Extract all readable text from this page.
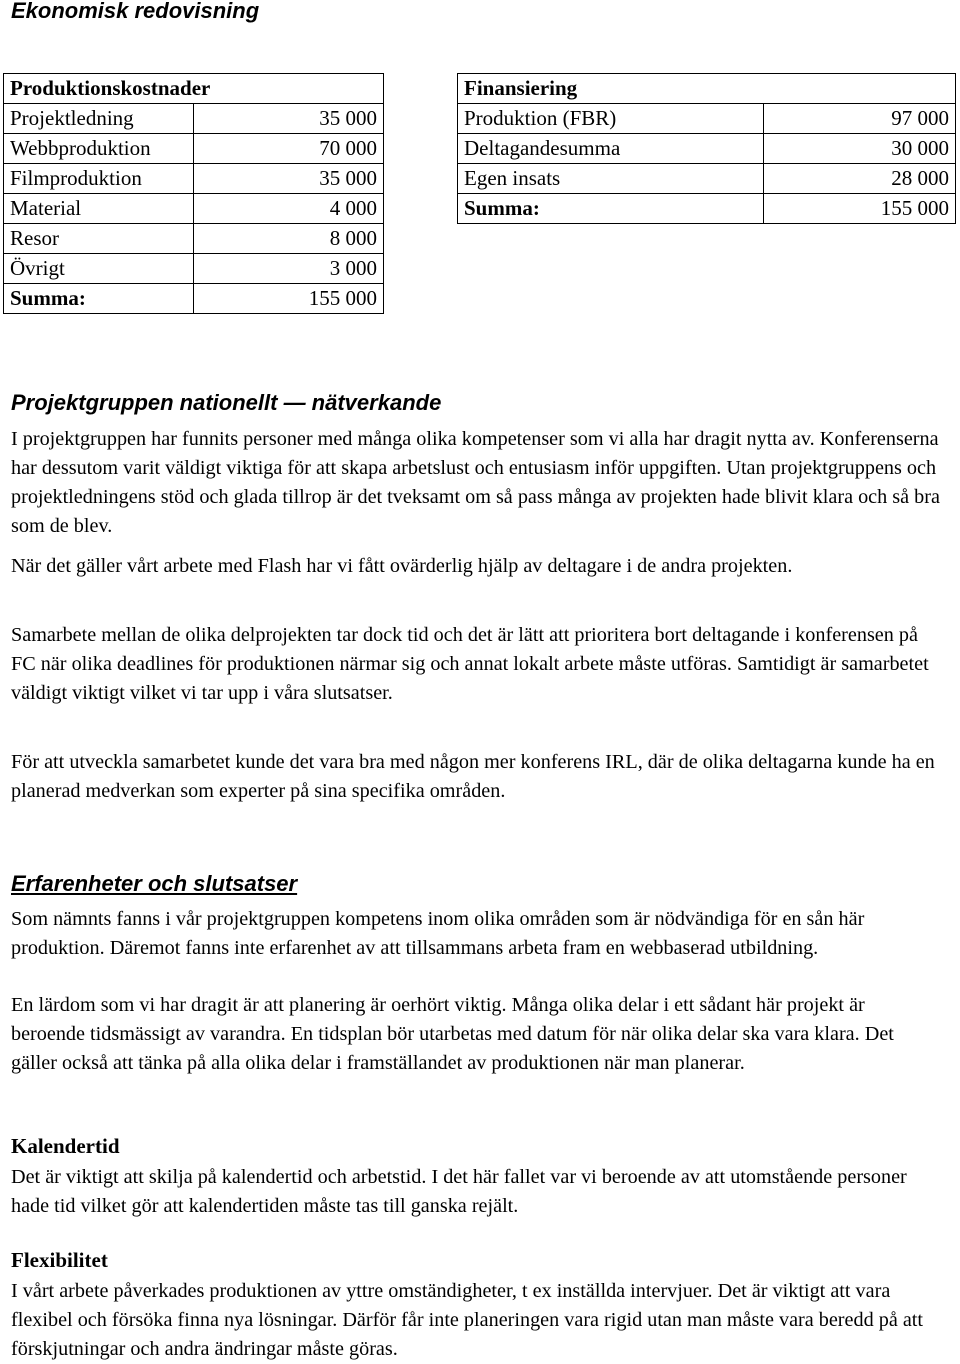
Ekonomisk redovisning
Produktionskostnader	
Projektledning	35 000
Webbproduktion	70 000
Filmproduktion	35 000
Material	4 000
Resor	8 000
Övrigt	3 000
Summa:	155 000
Finansiering	
Produktion (FBR)	97 000
Deltagandesumma	30 000
Egen insats	28 000
Summa:	155 000
Projektgruppen nationellt — nätverkande

I projektgruppen har funnits personer med många olika kompetenser som vi alla har dragit nytta av. Konferenserna har dessutom varit väldigt viktiga för att skapa arbetslust och entusiasm inför uppgiften. Utan projektgruppens och projektledningens stöd och glada tillrop är det tveksamt om så pass många av projekten hade blivit klara och så bra som de blev.

När det gäller vårt arbete med Flash har vi fått ovärderlig hjälp av deltagare i de andra projekten.

Samarbete mellan de olika delprojekten tar dock tid och det är lätt att prioritera bort deltagande i konferensen på FC när olika deadlines för produktionen närmar sig och annat lokalt arbete måste utföras. Samtidigt är samarbetet väldigt viktigt vilket vi tar upp i våra slutsatser.

För att utveckla samarbetet kunde det vara bra med någon mer konferens IRL, där de olika deltagarna kunde ha en planerad medverkan som experter på sina specifika områden.

Erfarenheter och slutsatser

Som nämnts fanns i vår projektgruppen kompetens inom olika områden som är nödvändiga för en sån här produktion. Däremot fanns inte erfarenhet av att tillsammans arbeta fram en webbaserad utbildning.

En lärdom som vi har dragit är att planering är oerhört viktig. Många olika delar i ett sådant här projekt är beroende tidsmässigt av varandra. En tidsplan bör utarbetas med datum för när olika delar ska vara klara. Det gäller också att tänka på alla olika delar i framställandet av produktionen när man planerar.

Kalendertid

Det är viktigt att skilja på kalendertid och arbetstid. I det här fallet var vi beroende av att utomstående personer hade tid vilket gör att kalendertiden måste tas till ganska rejält.

Flexibilitet

I vårt arbete påverkades produktionen av yttre omständigheter, t ex inställda intervjuer. Det är viktigt att vara flexibel och försöka finna nya lösningar. Därför får inte planeringen vara rigid utan man måste vara beredd på att förskjutningar och andra ändringar måste göras.
